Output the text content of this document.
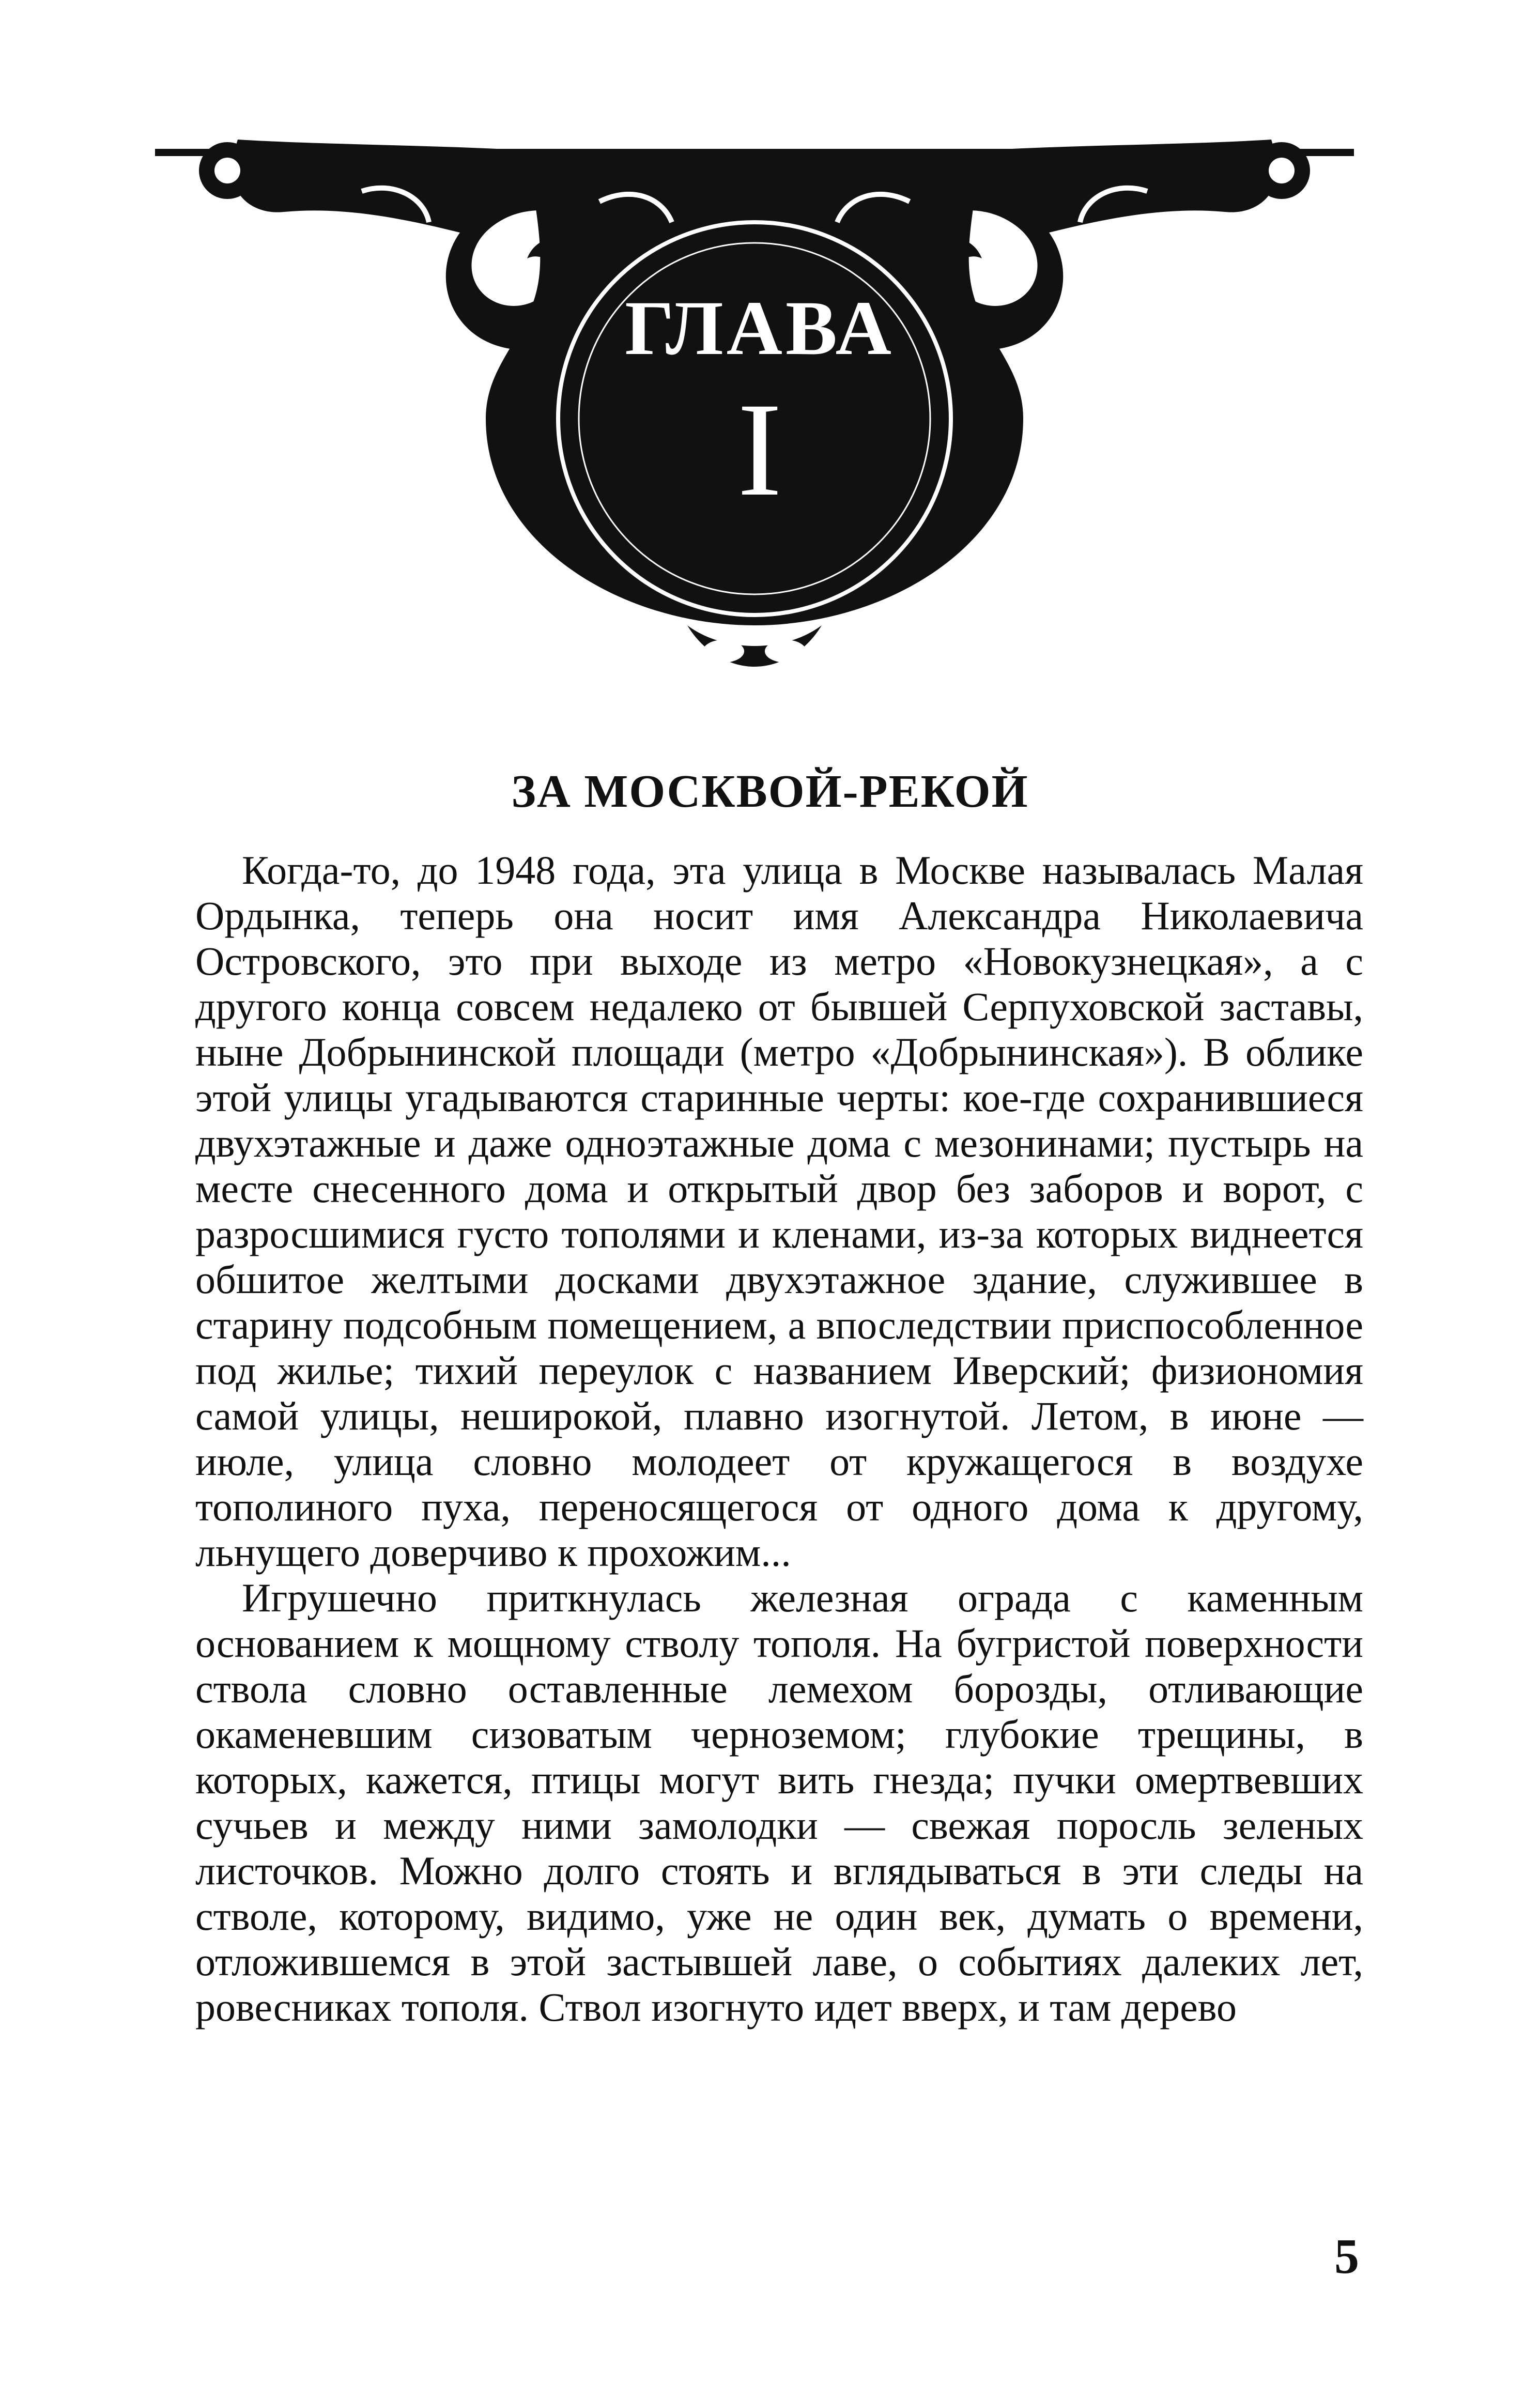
ГЛАВА
I
ЗА МОСКВОЙ-РЕКОЙ

Когда-то, до 1948 года, эта улица в Москве называлась Малая Ордынка, теперь она носит имя Александра Николаевича Островского, это при выходе из метро «Новокузнецкая», а с другого конца совсем недалеко от бывшей Серпуховской заставы, ныне Добрынинской площади (метро «Добрынинская»). В облике этой улицы угадываются старинные черты: кое-где сохранившиеся двухэтажные и даже одноэтажные дома с мезонинами; пустырь на месте снесенного дома и открытый двор без заборов и ворот, с разросшимися густо тополями и кленами, из-за которых виднеется обшитое желтыми досками двухэтажное здание, служившее в старину подсобным помещением, а впоследствии приспособленное под жилье; тихий переулок с названием Иверский; физиономия самой улицы, неширокой, плавно изогнутой. Летом, в июне — июле, улица словно молодеет от кружащегося в воздухе тополиного пуха, переносящегося от одного дома к другому, льнущего доверчиво к прохожим...

Игрушечно приткнулась железная ограда с каменным основанием к мощному стволу тополя. На бугристой поверхности ствола словно оставленные лемехом борозды, отливающие окаменевшим сизоватым черноземом; глубокие трещины, в которых, кажется, птицы могут вить гнезда; пучки омертвевших сучьев и между ними замолодки — свежая поросль зеленых листочков. Можно долго стоять и вглядываться в эти следы на стволе, которому, видимо, уже не один век, думать о времени, отложившемся в этой застывшей лаве, о событиях далеких лет, ровесниках тополя. Ствол изогнуто идет вверх, и там дерево

5
